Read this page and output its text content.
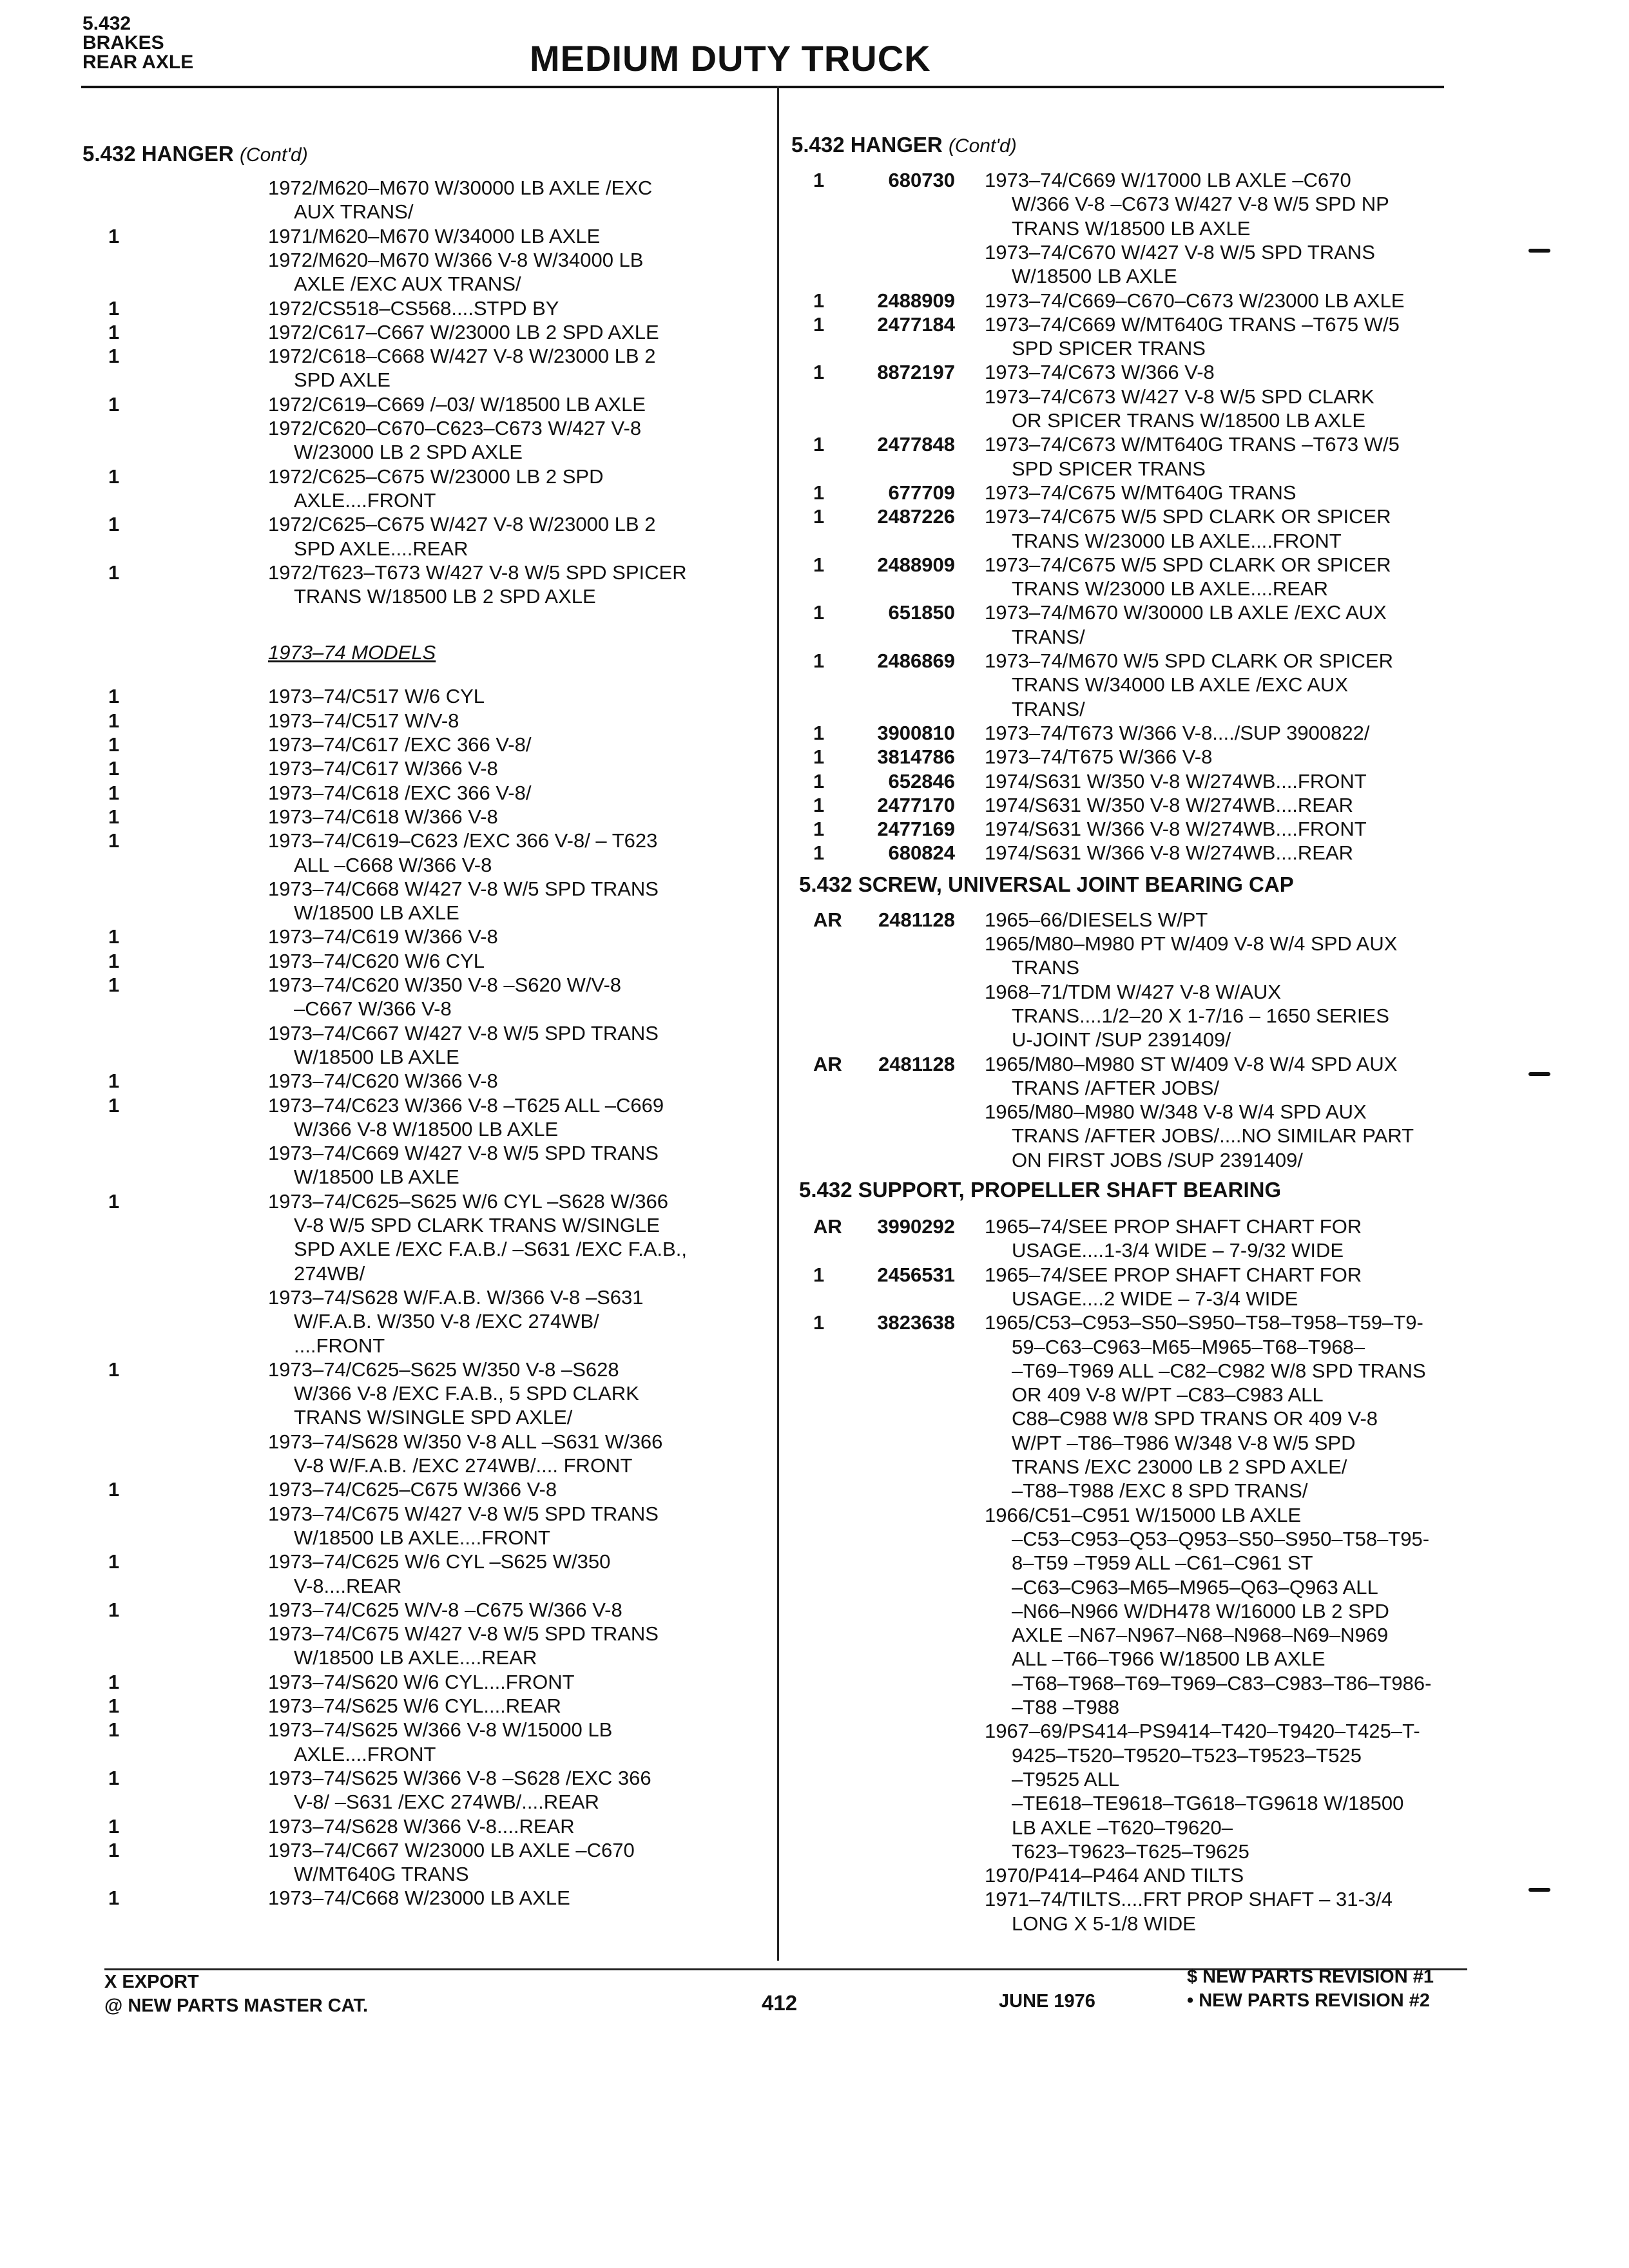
5.432
BRAKES
REAR AXLE	MEDIUM DUTY TRUCK
5.432 HANGER (Cont'd)
1972/M620–M670 W/30000 LB AXLE /EXC
AUX TRANS/
1	1971/M620–M670 W/34000 LB AXLE
1972/M620–M670 W/366 V-8 W/34000 LB
AXLE /EXC AUX TRANS/
1	1972/CS518–CS568....STPD BY
1	1972/C617–C667 W/23000 LB 2 SPD AXLE
1	1972/C618–C668 W/427 V-8 W/23000 LB 2
SPD AXLE
1	1972/C619–C669 /–03/ W/18500 LB AXLE
1972/C620–C670–C623–C673 W/427 V-8
W/23000 LB 2 SPD AXLE
1	1972/C625–C675 W/23000 LB 2 SPD
AXLE....FRONT
1	1972/C625–C675 W/427 V-8 W/23000 LB 2
SPD AXLE....REAR
1	1972/T623–T673 W/427 V-8 W/5 SPD SPICER
TRANS W/18500 LB 2 SPD AXLE
1973–74 MODELS
1	1973–74/C517 W/6 CYL
1	1973–74/C517 W/V-8
1	1973–74/C617 /EXC 366 V-8/
1	1973–74/C617 W/366 V-8
1	1973–74/C618 /EXC 366 V-8/
1	1973–74/C618 W/366 V-8
1	1973–74/C619–C623 /EXC 366 V-8/ – T623
ALL –C668 W/366 V-8
1973–74/C668 W/427 V-8 W/5 SPD TRANS
W/18500 LB AXLE
1	1973–74/C619 W/366 V-8
1	1973–74/C620 W/6 CYL
1	1973–74/C620 W/350 V-8 –S620 W/V-8
–C667 W/366 V-8
1973–74/C667 W/427 V-8 W/5 SPD TRANS
W/18500 LB AXLE
1	1973–74/C620 W/366 V-8
1	1973–74/C623 W/366 V-8 –T625 ALL –C669
W/366 V-8 W/18500 LB AXLE
1973–74/C669 W/427 V-8 W/5 SPD TRANS
W/18500 LB AXLE
1	1973–74/C625–S625 W/6 CYL –S628 W/366
V-8 W/5 SPD CLARK TRANS W/SINGLE
SPD AXLE /EXC F.A.B./ –S631 /EXC F.A.B.,
274WB/
1973–74/S628 W/F.A.B. W/366 V-8 –S631
W/F.A.B. W/350 V-8 /EXC 274WB/
....FRONT
1	1973–74/C625–S625 W/350 V-8 –S628
W/366 V-8 /EXC F.A.B., 5 SPD CLARK
TRANS W/SINGLE SPD AXLE/
1973–74/S628 W/350 V-8 ALL –S631 W/366
V-8 W/F.A.B. /EXC 274WB/.... FRONT
1	1973–74/C625–C675 W/366 V-8
1973–74/C675 W/427 V-8 W/5 SPD TRANS
W/18500 LB AXLE....FRONT
1	1973–74/C625 W/6 CYL –S625 W/350
V-8....REAR
1	1973–74/C625 W/V-8 –C675 W/366 V-8
1973–74/C675 W/427 V-8 W/5 SPD TRANS
W/18500 LB AXLE....REAR
1	1973–74/S620 W/6 CYL....FRONT
1	1973–74/S625 W/6 CYL....REAR
1	1973–74/S625 W/366 V-8 W/15000 LB
AXLE....FRONT
1	1973–74/S625 W/366 V-8 –S628 /EXC 366
V-8/ –S631 /EXC 274WB/....REAR
1	1973–74/S628 W/366 V-8....REAR
1	1973–74/C667 W/23000 LB AXLE –C670
W/MT640G TRANS
1	1973–74/C668 W/23000 LB AXLE
5.432 HANGER (Cont'd)
1	680730 1973–74/C669 W/17000 LB AXLE –C670
W/366 V-8 –C673 W/427 V-8 W/5 SPD NP
TRANS W/18500 LB AXLE
1973–74/C670 W/427 V-8 W/5 SPD TRANS
W/18500 LB AXLE
1	2488909 1973–74/C669–C670–C673 W/23000 LB AXLE
1	2477184 1973–74/C669 W/MT640G TRANS –T675 W/5
SPD SPICER TRANS
1	8872197 1973–74/C673 W/366 V-8
1973–74/C673 W/427 V-8 W/5 SPD CLARK
OR SPICER TRANS W/18500 LB AXLE
1	2477848 1973–74/C673 W/MT640G TRANS –T673 W/5
SPD SPICER TRANS
1	677709 1973–74/C675 W/MT640G TRANS
1	2487226 1973–74/C675 W/5 SPD CLARK OR SPICER
TRANS W/23000 LB AXLE....FRONT
1	2488909 1973–74/C675 W/5 SPD CLARK OR SPICER
TRANS W/23000 LB AXLE....REAR
1	651850 1973–74/M670 W/30000 LB AXLE /EXC AUX
TRANS/
1	2486869 1973–74/M670 W/5 SPD CLARK OR SPICER
TRANS W/34000 LB AXLE /EXC AUX
TRANS/
1	3900810 1973–74/T673 W/366 V-8..../SUP 3900822/
1	3814786 1973–74/T675 W/366 V-8
1	652846 1974/S631 W/350 V-8 W/274WB....FRONT
1	2477170 1974/S631 W/350 V-8 W/274WB....REAR
1	2477169 1974/S631 W/366 V-8 W/274WB....FRONT
1	680824 1974/S631 W/366 V-8 W/274WB....REAR
5.432 SCREW, UNIVERSAL JOINT BEARING CAP
AR 2481128 1965–66/DIESELS W/PT
1965/M80–M980 PT W/409 V-8 W/4 SPD AUX
TRANS
1968–71/TDM W/427 V-8 W/AUX
TRANS....1/2–20 X 1-7/16 – 1650 SERIES
U-JOINT /SUP 2391409/
AR 2481128 1965/M80–M980 ST W/409 V-8 W/4 SPD AUX
TRANS /AFTER JOBS/
1965/M80–M980 W/348 V-8 W/4 SPD AUX
TRANS /AFTER JOBS/....NO SIMILAR PART
ON FIRST JOBS /SUP 2391409/
5.432 SUPPORT, PROPELLER SHAFT BEARING
AR 3990292 1965–74/SEE PROP SHAFT CHART FOR
USAGE....1-3/4 WIDE – 7-9/32 WIDE
1	2456531 1965–74/SEE PROP SHAFT CHART FOR
USAGE....2 WIDE – 7-3/4 WIDE
1	3823638 1965/C53–C953–S50–S950–T58–T958–T59–T9-
59–C63–C963–M65–M965–T68–T968–
–T69–T969 ALL –C82–C982 W/8 SPD TRANS
OR 409 V-8 W/PT –C83–C983 ALL
C88–C988 W/8 SPD TRANS OR 409 V-8
W/PT –T86–T986 W/348 V-8 W/5 SPD
TRANS /EXC 23000 LB 2 SPD AXLE/
–T88–T988 /EXC 8 SPD TRANS/
1966/C51–C951 W/15000 LB AXLE
–C53–C953–Q53–Q953–S50–S950–T58–T95-
8–T59 –T959 ALL –C61–C961 ST
–C63–C963–M65–M965–Q63–Q963 ALL
–N66–N966 W/DH478 W/16000 LB 2 SPD
AXLE –N67–N967–N68–N968–N69–N969
ALL –T66–T966 W/18500 LB AXLE
–T68–T968–T69–T969–C83–C983–T86–T986-
–T88 –T988
1967–69/PS414–PS9414–T420–T9420–T425–T-
9425–T520–T9520–T523–T9523–T525
–T9525 ALL
–TE618–TE9618–TG618–TG9618 W/18500
LB AXLE –T620–T9620–
T623–T9623–T625–T9625
1970/P414–P464 AND TILTS
1971–74/TILTS....FRT PROP SHAFT – 31-3/4
LONG X 5-1/8 WIDE
X EXPORT
@ NEW PARTS MASTER CAT.	412	JUNE 1976
$ NEW PARTS REVISION #1
• NEW PARTS REVISION #2
